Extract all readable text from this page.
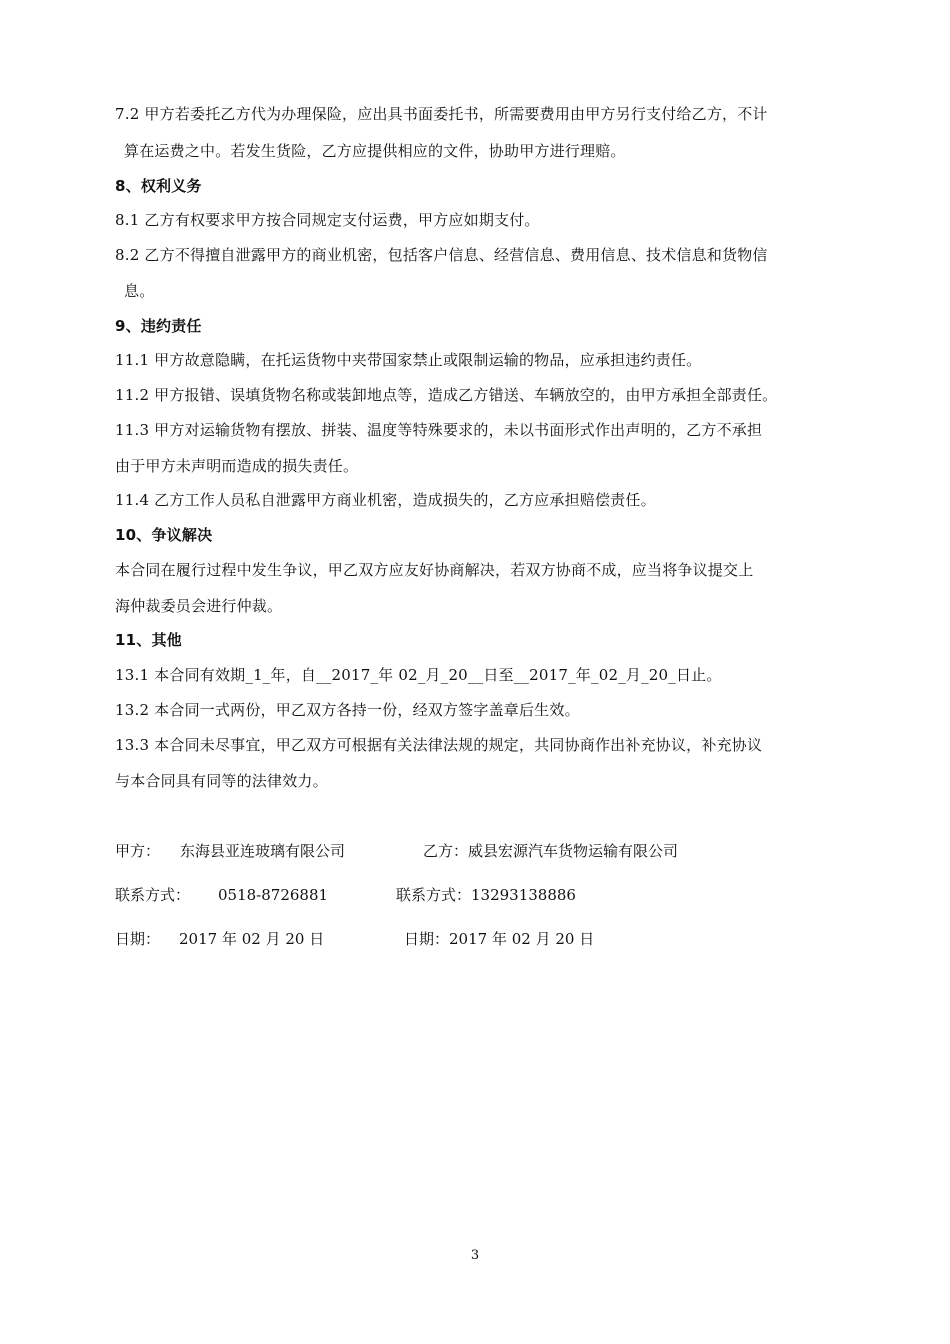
7.2 甲方若委托乙方代为办理保险，应出具书面委托书，所需要费用由甲方另行支付给乙方，不计
算在运费之中。若发生货险，乙方应提供相应的文件，协助甲方进行理赔。
8、权利义务
8.1 乙方有权要求甲方按合同规定支付运费，甲方应如期支付。
8.2 乙方不得擅自泄露甲方的商业机密，包括客户信息、经营信息、费用信息、技术信息和货物信
息。
9、违约责任
11.1 甲方故意隐瞒，在托运货物中夹带国家禁止或限制运输的物品，应承担违约责任。
11.2 甲方报错、误填货物名称或装卸地点等，造成乙方错送、车辆放空的，由甲方承担全部责任。
11.3 甲方对运输货物有摆放、拼装、温度等特殊要求的，未以书面形式作出声明的，乙方不承担
由于甲方未声明而造成的损失责任。
11.4 乙方工作人员私自泄露甲方商业机密，造成损失的，乙方应承担赔偿责任。
10、争议解决
本合同在履行过程中发生争议，甲乙双方应友好协商解决，若双方协商不成，应当将争议提交上
海仲裁委员会进行仲裁。
11、其他
13.1 本合同有效期_1_年，自__2017_年 02_月_20__日至__2017_年_02_月_20_日止。
13.2 本合同一式两份，甲乙双方各持一份，经双方签字盖章后生效。
13.3 本合同未尽事宜，甲乙双方可根据有关法律法规的规定，共同协商作出补充协议，补充协议
与本合同具有同等的法律效力。
甲方： 东海县亚连玻璃有限公司	乙方：威县宏源汽车货物运输有限公司
联系方式： 0518-8726881	联系方式：13293138886
日期： 2017 年 02 月 20 日	日期：2017 年 02 月 20 日
3
